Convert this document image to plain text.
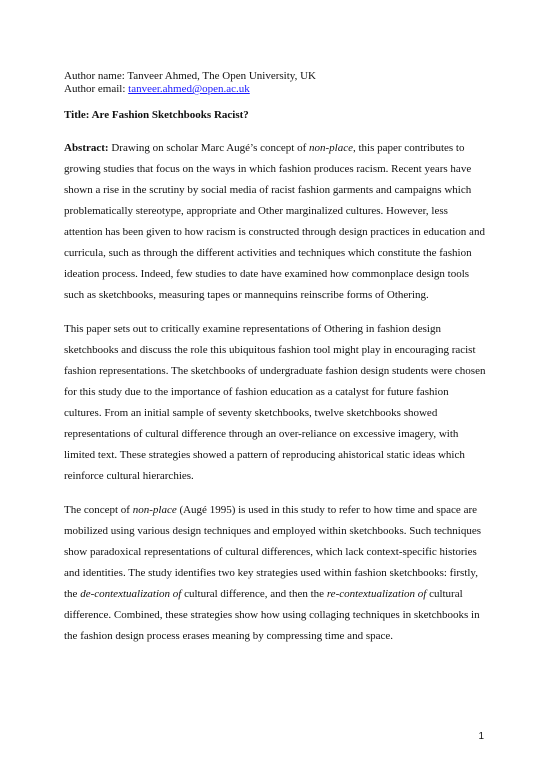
Author name: Tanveer Ahmed, The Open University, UK

Author email: tanveer.ahmed@open.ac.uk

Title: Are Fashion Sketchbooks Racist?

Abstract: Drawing on scholar Marc Augé’s concept of non-place, this paper contributes to growing studies that focus on the ways in which fashion produces racism. Recent years have shown a rise in the scrutiny by social media of racist fashion garments and campaigns which problematically stereotype, appropriate and Other marginalized cultures. However, less attention has been given to how racism is constructed through design practices in education and curricula, such as through the different activities and techniques which constitute the fashion ideation process. Indeed, few studies to date have examined how commonplace design tools such as sketchbooks, measuring tapes or mannequins reinscribe forms of Othering.

This paper sets out to critically examine representations of Othering in fashion design sketchbooks and discuss the role this ubiquitous fashion tool might play in encouraging racist fashion representations. The sketchbooks of undergraduate fashion design students were chosen for this study due to the importance of fashion education as a catalyst for future fashion cultures. From an initial sample of seventy sketchbooks, twelve sketchbooks showed representations of cultural difference through an over-reliance on excessive imagery, with limited text. These strategies showed a pattern of reproducing ahistorical static ideas which reinforce cultural hierarchies.

The concept of non-place (Augé 1995) is used in this study to refer to how time and space are mobilized using various design techniques and employed within sketchbooks. Such techniques show paradoxical representations of cultural differences, which lack context-specific histories and identities. The study identifies two key strategies used within fashion sketchbooks: firstly, the de-contextualization of cultural difference, and then the re-contextualization of cultural difference. Combined, these strategies show how using collaging techniques in sketchbooks in the fashion design process erases meaning by compressing time and space.

1
